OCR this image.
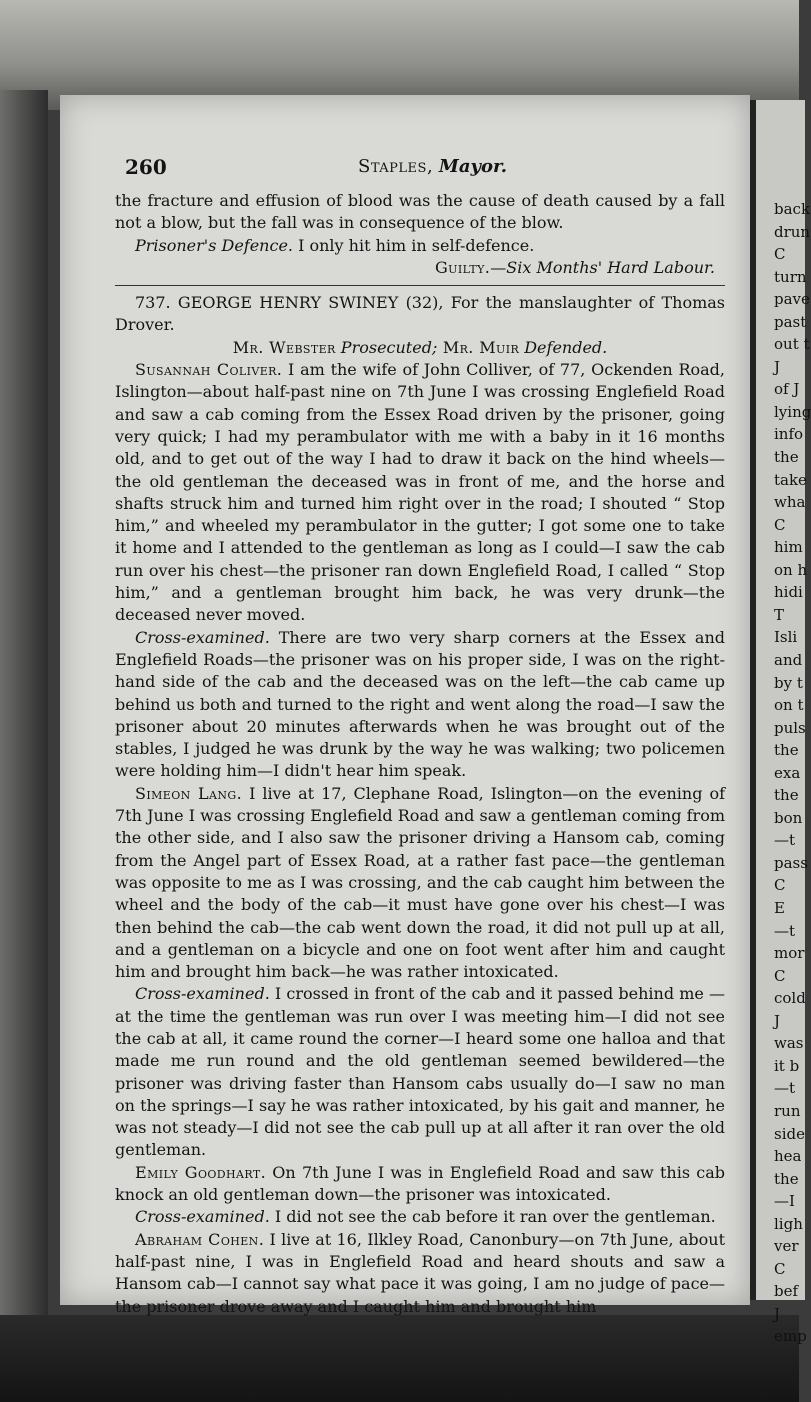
back
drun
C
turn
pave
past
out t
J
of J
lying
info
the
take
wha
C
him
on h
hidi
T
Isli
and
by t
on t
puls
the
exa
the
bon
—t
pass
C
E
—t
mor
C
cold
J
was
it b
—t
run
side
hea
the
—I
ligh
ver
C
bef
J
emp
260	Staples, Mayor.

the fracture and effusion of blood was the cause of death caused by a fall not a blow, but the fall was in consequence of the blow.

Prisoner's Defence. I only hit him in self-defence.

Guilty.—Six Months' Hard Labour.

737. GEORGE HENRY SWINEY (32), For the manslaughter of Thomas Drover.

Mr. Webster Prosecuted; Mr. Muir Defended.

Susannah Coliver. I am the wife of John Colliver, of 77, Ockenden Road, Islington—about half-past nine on 7th June I was crossing Englefield Road and saw a cab coming from the Essex Road driven by the prisoner, going very quick; I had my perambulator with me with a baby in it 16 months old, and to get out of the way I had to draw it back on the hind wheels—the old gentleman the deceased was in front of me, and the horse and shafts struck him and turned him right over in the road; I shouted “ Stop him,” and wheeled my perambulator in the gutter; I got some one to take it home and I attended to the gentleman as long as I could—I saw the cab run over his chest—the prisoner ran down Englefield Road, I called “ Stop him,” and a gentleman brought him back, he was very drunk—the deceased never moved.

Cross-examined. There are two very sharp corners at the Essex and Englefield Roads—the prisoner was on his proper side, I was on the right-hand side of the cab and the deceased was on the left—the cab came up behind us both and turned to the right and went along the road—I saw the prisoner about 20 minutes afterwards when he was brought out of the stables, I judged he was drunk by the way he was walking; two policemen were holding him—I didn't hear him speak.

Simeon Lang. I live at 17, Clephane Road, Islington—on the evening of 7th June I was crossing Englefield Road and saw a gentleman coming from the other side, and I also saw the prisoner driving a Hansom cab, coming from the Angel part of Essex Road, at a rather fast pace—the gentleman was opposite to me as I was crossing, and the cab caught him between the wheel and the body of the cab—it must have gone over his chest—I was then behind the cab—the cab went down the road, it did not pull up at all, and a gentleman on a bicycle and one on foot went after him and caught him and brought him back—he was rather intoxicated.

Cross-examined. I crossed in front of the cab and it passed behind me —at the time the gentleman was run over I was meeting him—I did not see the cab at all, it came round the corner—I heard some one halloa and that made me run round and the old gentleman seemed bewildered—the prisoner was driving faster than Hansom cabs usually do—I saw no man on the springs—I say he was rather intoxicated, by his gait and manner, he was not steady—I did not see the cab pull up at all after it ran over the old gentleman.

Emily Goodhart. On 7th June I was in Englefield Road and saw this cab knock an old gentleman down—the prisoner was intoxicated.

Cross-examined. I did not see the cab before it ran over the gentleman.

Abraham Cohen. I live at 16, Ilkley Road, Canonbury—on 7th June, about half-past nine, I was in Englefield Road and heard shouts and saw a Hansom cab—I cannot say what pace it was going, I am no judge of pace—the prisoner drove away and I caught him and brought him
